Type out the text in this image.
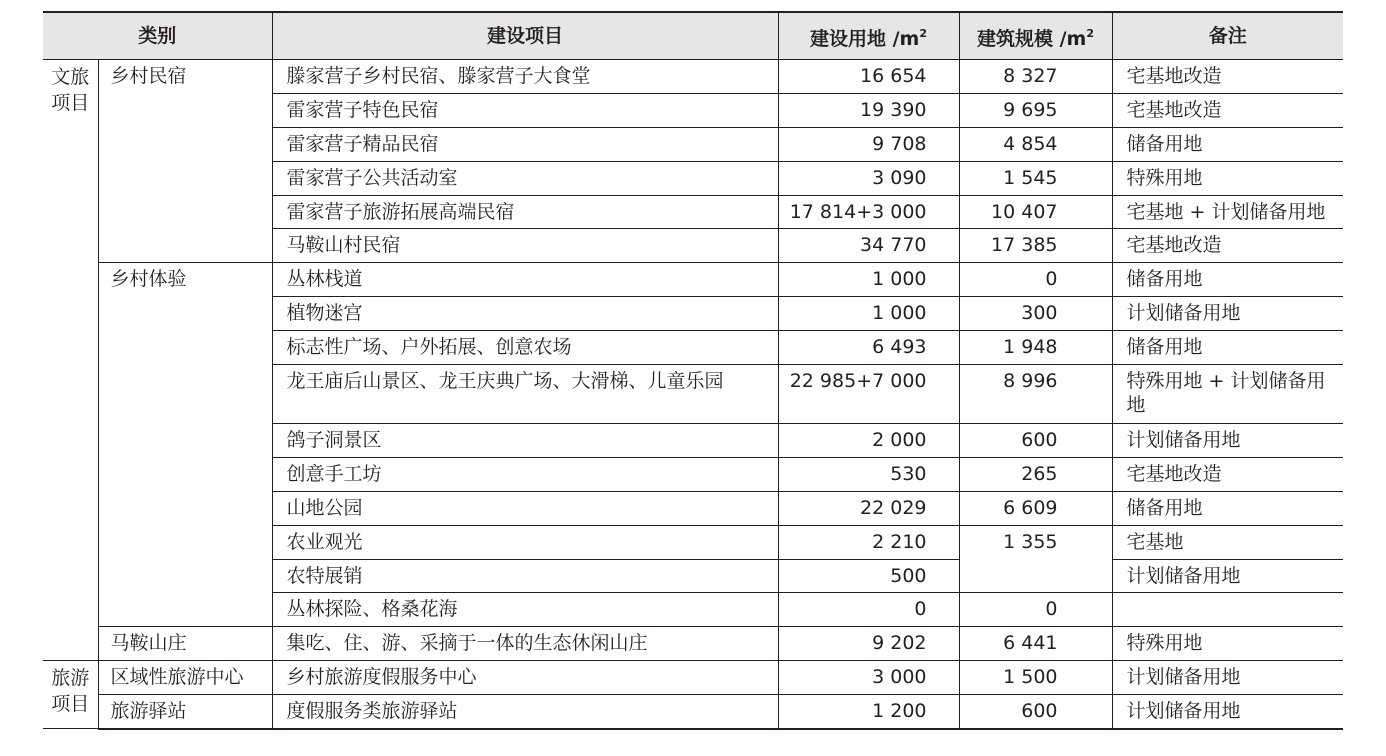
类别		建设项目	建设用地 $/m^2$	建筑规模 $/m^2$	备注
文旅项目	乡村民宿	滕家营子乡村民宿、滕家营子大食堂	16 654	8 327	宅基地改造
		雷家营子特色民宿	19 390	9 695	宅基地改造
		雷家营子精品民宿	9 708	4 854	储备用地
		雷家营子公共活动室	3 090	1 545	特殊用地
		雷家营子旅游拓展高端民宿	17 814+3 000	10 407	宅基地 + 计划储备用地
		马鞍山村民宿	34 770	17 385	宅基地改造
	乡村体验	丛林栈道	1 000	0	储备用地
		植物迷宫	1 000	300	计划储备用地
		标志性广场、户外拓展、创意农场	6 493	1 948	储备用地
		龙王庙后山景区、龙王庆典广场、大滑梯、儿童乐园	22 985+7 000	8 996	特殊用地 + 计划储备用地
		鸽子洞景区	2 000	600	计划储备用地
		创意手工坊	530	265	宅基地改造
		山地公园	22 029	6 609	储备用地
		农业观光	2 210	1 355	宅基地
		农特展销	500		计划储备用地
		丛林探险、格桑花海	0	0	
	马鞍山庄	集吃、住、游、采摘于一体的生态休闲山庄	9 202	6 441	特殊用地
旅游项目	区域性旅游中心	乡村旅游度假服务中心	3 000	1 500	计划储备用地
	旅游驿站	度假服务类旅游驿站	1 200	600	计划储备用地
